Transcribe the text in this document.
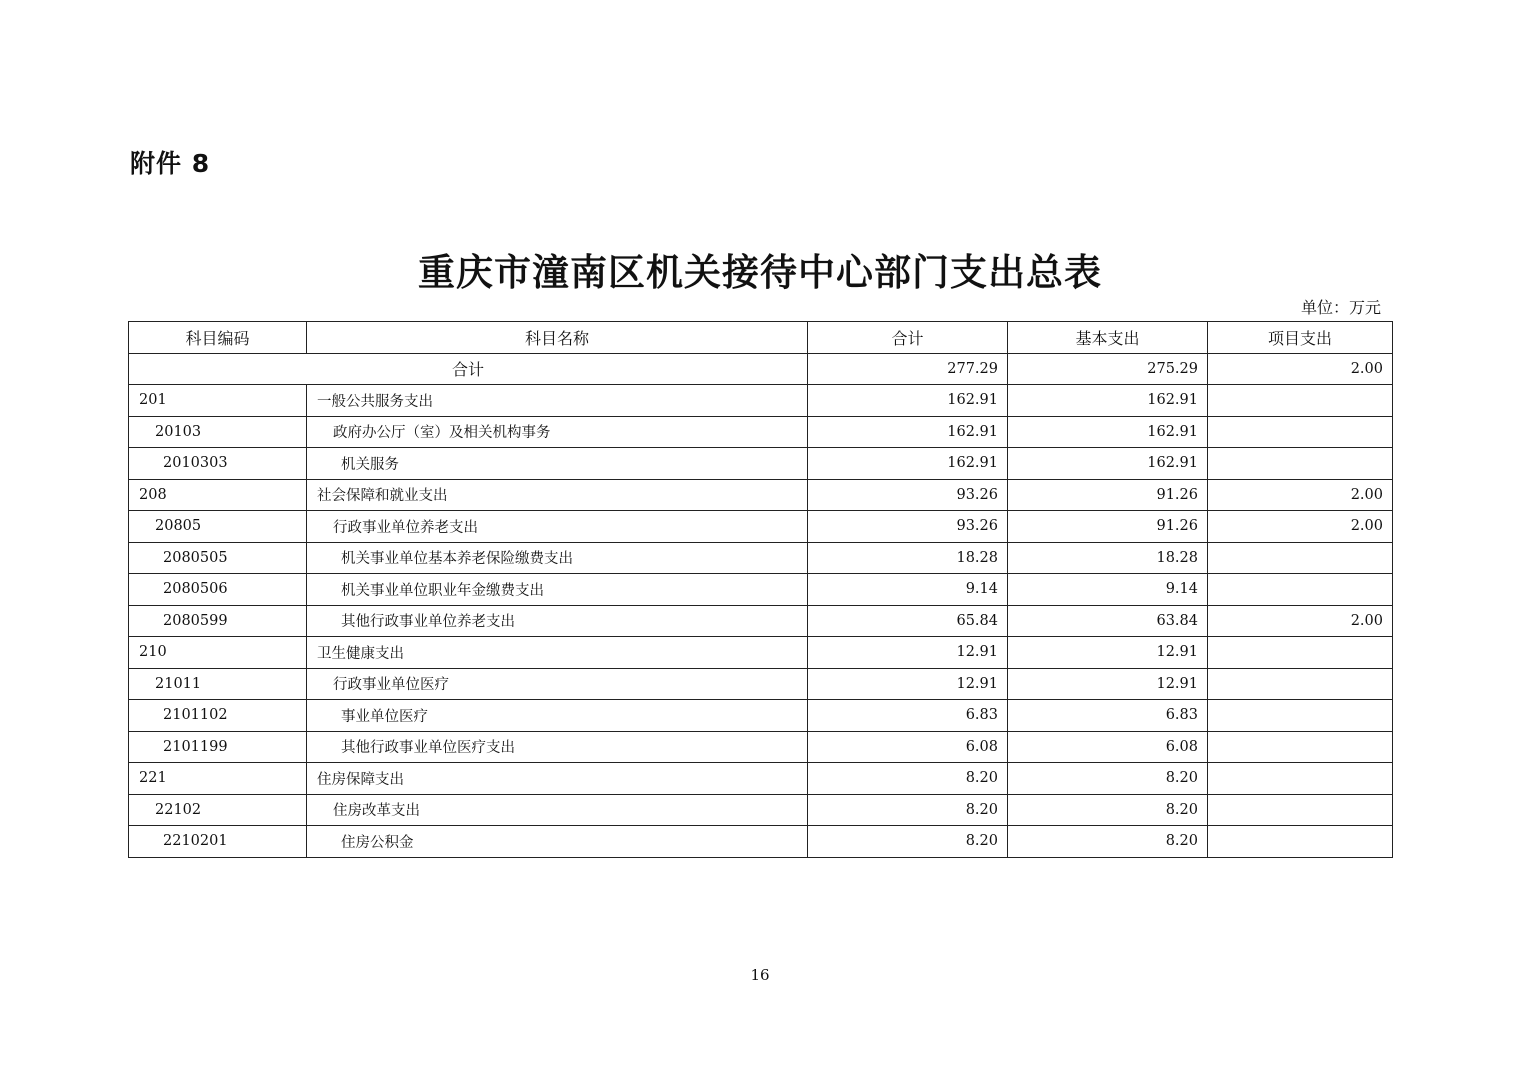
附件 8
重庆市潼南区机关接待中心部门支出总表
单位：万元
科目编码	科目名称	合计	基本支出	项目支出
合计		277.29	275.29	2.00
201	一般公共服务支出	162.91	162.91	
20103	政府办公厅（室）及相关机构事务	162.91	162.91	
2010303	机关服务	162.91	162.91	
208	社会保障和就业支出	93.26	91.26	2.00
20805	行政事业单位养老支出	93.26	91.26	2.00
2080505	机关事业单位基本养老保险缴费支出	18.28	18.28	
2080506	机关事业单位职业年金缴费支出	9.14	9.14	
2080599	其他行政事业单位养老支出	65.84	63.84	2.00
210	卫生健康支出	12.91	12.91	
21011	行政事业单位医疗	12.91	12.91	
2101102	事业单位医疗	6.83	6.83	
2101199	其他行政事业单位医疗支出	6.08	6.08	
221	住房保障支出	8.20	8.20	
22102	住房改革支出	8.20	8.20	
2210201	住房公积金	8.20	8.20	
16
